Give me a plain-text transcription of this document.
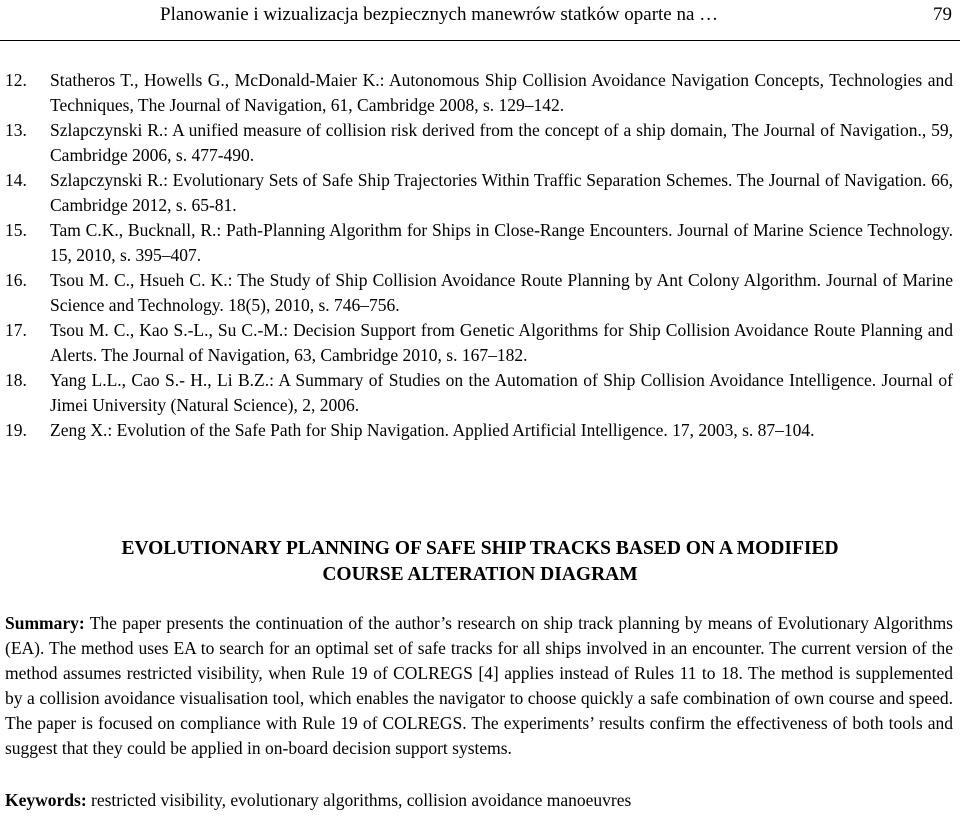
Planowanie i wizualizacja bezpiecznych manewrów statków oparte na …	79
12.	Statheros T., Howells G., McDonald-Maier K.: Autonomous Ship Collision Avoidance Navigation Concepts, Technologies and Techniques, The Journal of Navigation, 61, Cambridge 2008, s. 129–142.
13.	Szlapczynski R.: A unified measure of collision risk derived from the concept of a ship domain, The Journal of Navigation., 59, Cambridge 2006, s. 477-490.
14.	Szlapczynski R.: Evolutionary Sets of Safe Ship Trajectories Within Traffic Separation Schemes. The Journal of Navigation. 66, Cambridge 2012, s. 65-81.
15.	Tam C.K., Bucknall, R.: Path-Planning Algorithm for Ships in Close-Range Encounters. Journal of Marine Science Technology. 15, 2010, s. 395–407.
16.	Tsou M. C., Hsueh C. K.: The Study of Ship Collision Avoidance Route Planning by Ant Colony Algorithm. Journal of Marine Science and Technology. 18(5), 2010, s. 746–756.
17.	Tsou M. C., Kao S.-L., Su C.-M.: Decision Support from Genetic Algorithms for Ship Collision Avoidance Route Planning and Alerts. The Journal of Navigation, 63, Cambridge 2010, s. 167–182.
18.	Yang L.L., Cao S.- H., Li B.Z.: A Summary of Studies on the Automation of Ship Collision Avoidance Intelligence. Journal of Jimei University (Natural Science), 2, 2006.
19.	Zeng X.: Evolution of the Safe Path for Ship Navigation. Applied Artificial Intelligence. 17, 2003, s. 87–104.
EVOLUTIONARY PLANNING OF SAFE SHIP TRACKS BASED ON A MODIFIED
COURSE ALTERATION DIAGRAM
Summary: The paper presents the continuation of the author’s research on ship track planning by means of Evolutionary Algorithms (EA). The method uses EA to search for an optimal set of safe tracks for all ships involved in an encounter. The current version of the method assumes restricted visibility, when Rule 19 of COLREGS [4] applies instead of Rules 11 to 18. The method is supplemented by a collision avoidance visualisation tool, which enables the navigator to choose quickly a safe combination of own course and speed. The paper is focused on compliance with Rule 19 of COLREGS. The experiments’ results confirm the effectiveness of both tools and suggest that they could be applied in on-board decision support systems.
Keywords: restricted visibility, evolutionary algorithms, collision avoidance manoeuvres
